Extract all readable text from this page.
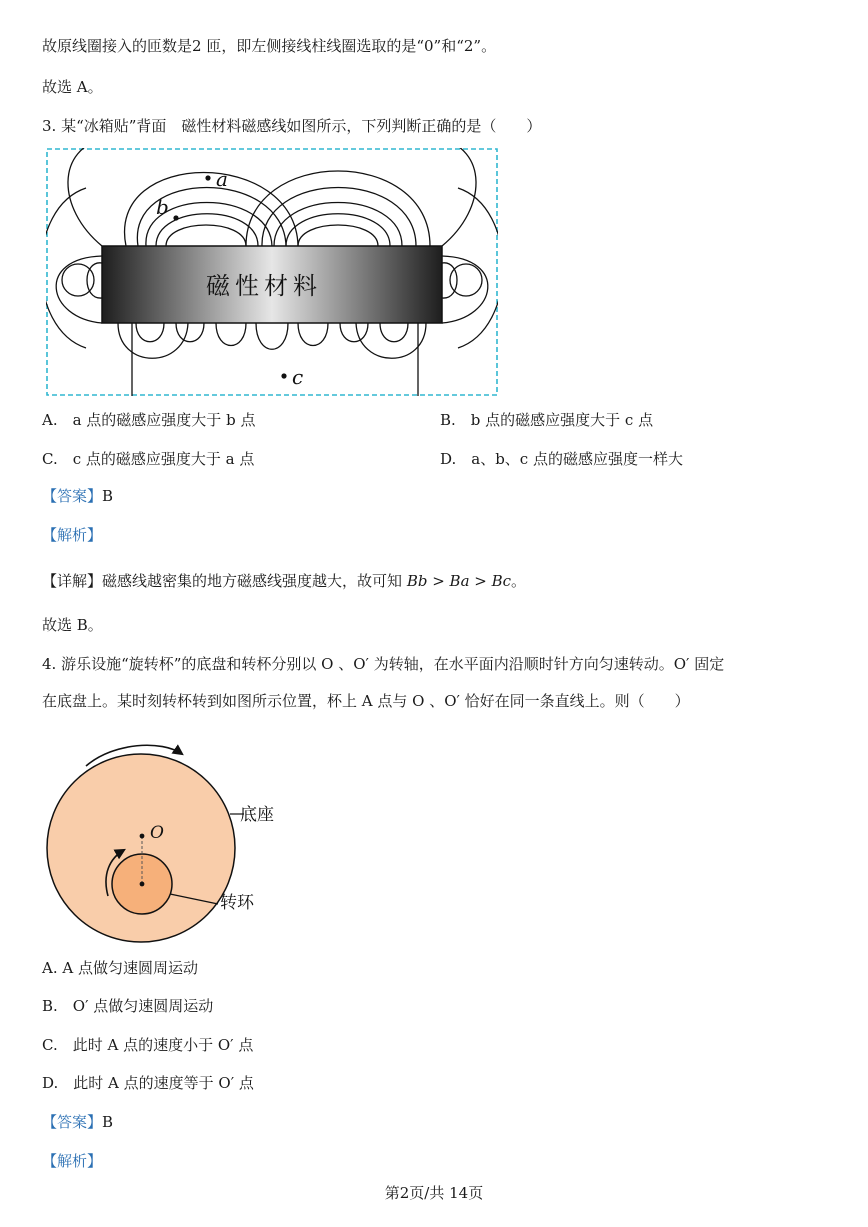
故原线圈接入的匝数是2 匝，即左侧接线柱线圈选取的是“0”和“2”。
故选 A。
3. 某“冰箱贴”背面　磁性材料磁感线如图所示，下列判断正确的是（　　）
磁性材料
a
b
c
A.　a 点的磁感应强度大于 b 点	B.　b 点的磁感应强度大于 c 点
C.　c 点的磁感应强度大于 a 点	D.　a、b、c 点的磁感应强度一样大
【答案】B
【解析】
【详解】磁感线越密集的地方磁感线强度越大，故可知 Bb > Ba > Bc。
故选 B。
4. 游乐设施“旋转杯”的底盘和转杯分别以 O 、O′ 为转轴，在水平面内沿顺时针方向匀速转动。O′ 固定
在底盘上。某时刻转杯转到如图所示位置，杯上 A 点与 O 、O′ 恰好在同一条直线上。则（　　）
O
底座
转环
A. A 点做匀速圆周运动
B.　O′ 点做匀速圆周运动
C.　此时 A 点的速度小于 O′ 点
D.　此时 A 点的速度等于 O′ 点
【答案】B
【解析】
第2页/共 14页
